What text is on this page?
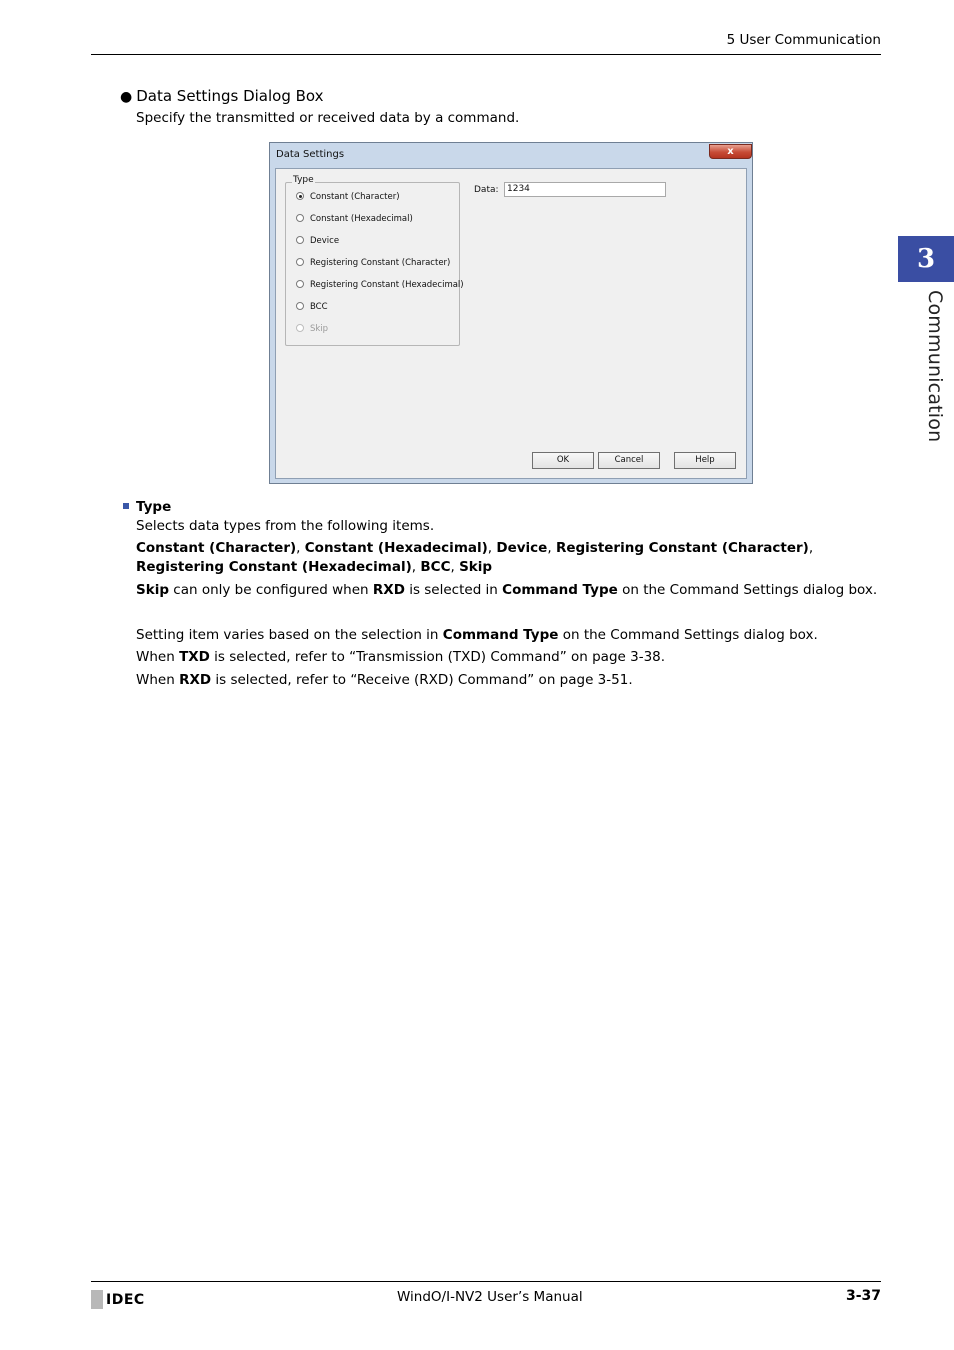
5 User Communication
● Data Settings Dialog Box
Specify the transmitted or received data by a command.
Data Settings	x
Type
Constant (Character)
Constant (Hexadecimal)
Device
Registering Constant (Character)
Registering Constant (Hexadecimal)
BCC
Skip
Data: 1234
OK	Cancel	Help
Type
Selects data types from the following items.
Constant (Character), Constant (Hexadecimal), Device, Registering Constant (Character), Registering Constant (Hexadecimal), BCC, Skip
Skip can only be configured when RXD is selected in Command Type on the Command Settings dialog box.
Setting item varies based on the selection in Command Type on the Command Settings dialog box.
When TXD is selected, refer to “Transmission (TXD) Command” on page 3-38.
When RXD is selected, refer to “Receive (RXD) Command” on page 3-51.
3
Communication
IDEC	WindO/I-NV2 User’s Manual	3-37
